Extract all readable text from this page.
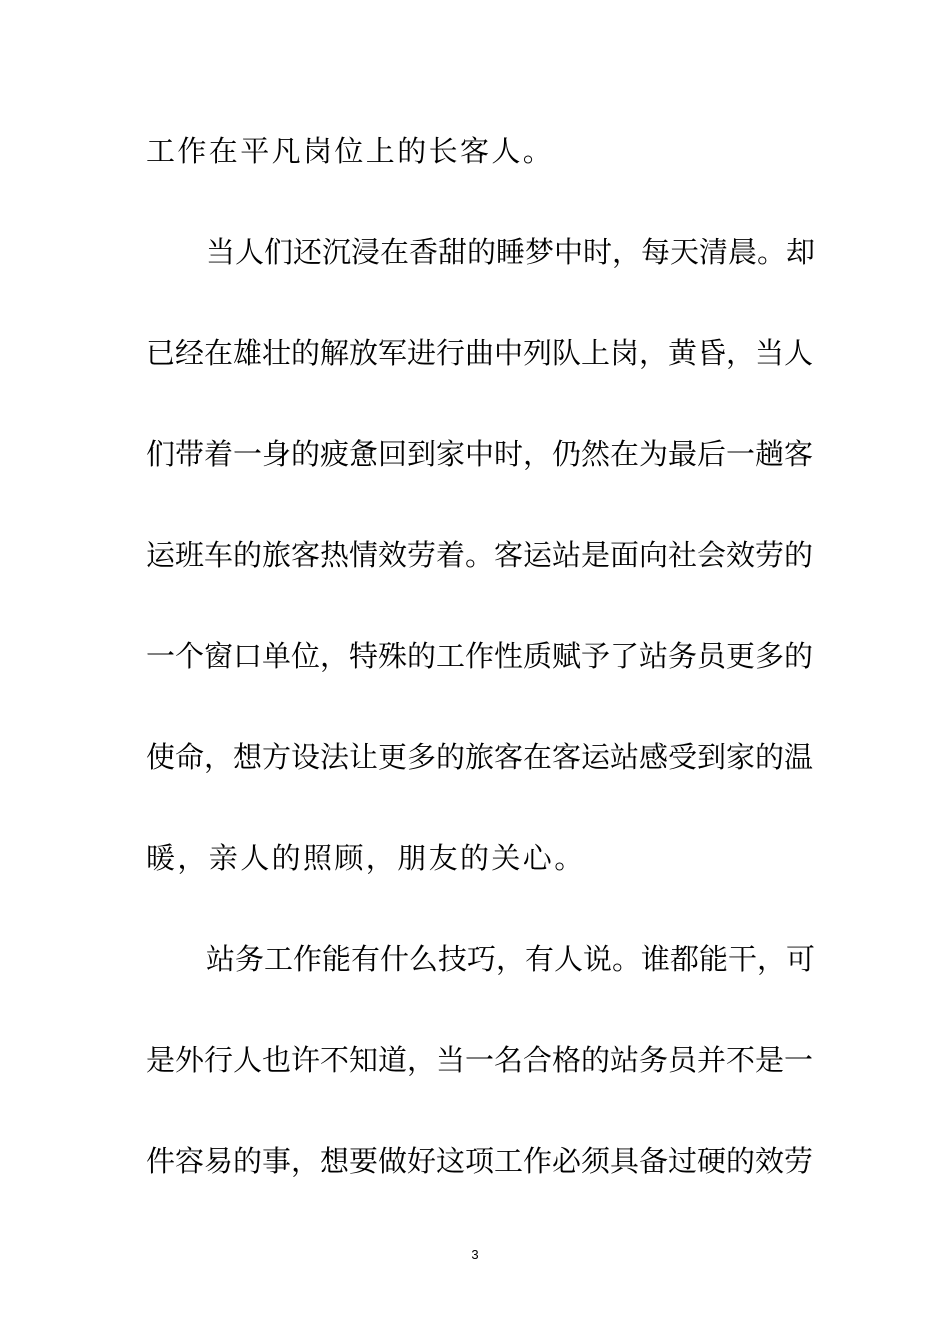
工作在平凡岗位上的长客人。
当人们还沉浸在香甜的睡梦中时，每天清晨。却
已经在雄壮的解放军进行曲中列队上岗，黄昏，当人
们带着一身的疲惫回到家中时，仍然在为最后一趟客
运班车的旅客热情效劳着。客运站是面向社会效劳的
一个窗口单位，特殊的工作性质赋予了站务员更多的
使命，想方设法让更多的旅客在客运站感受到家的温
暖，亲人的照顾，朋友的关心。
站务工作能有什么技巧，有人说。谁都能干，可
是外行人也许不知道，当一名合格的站务员并不是一
件容易的事，想要做好这项工作必须具备过硬的效劳
3
